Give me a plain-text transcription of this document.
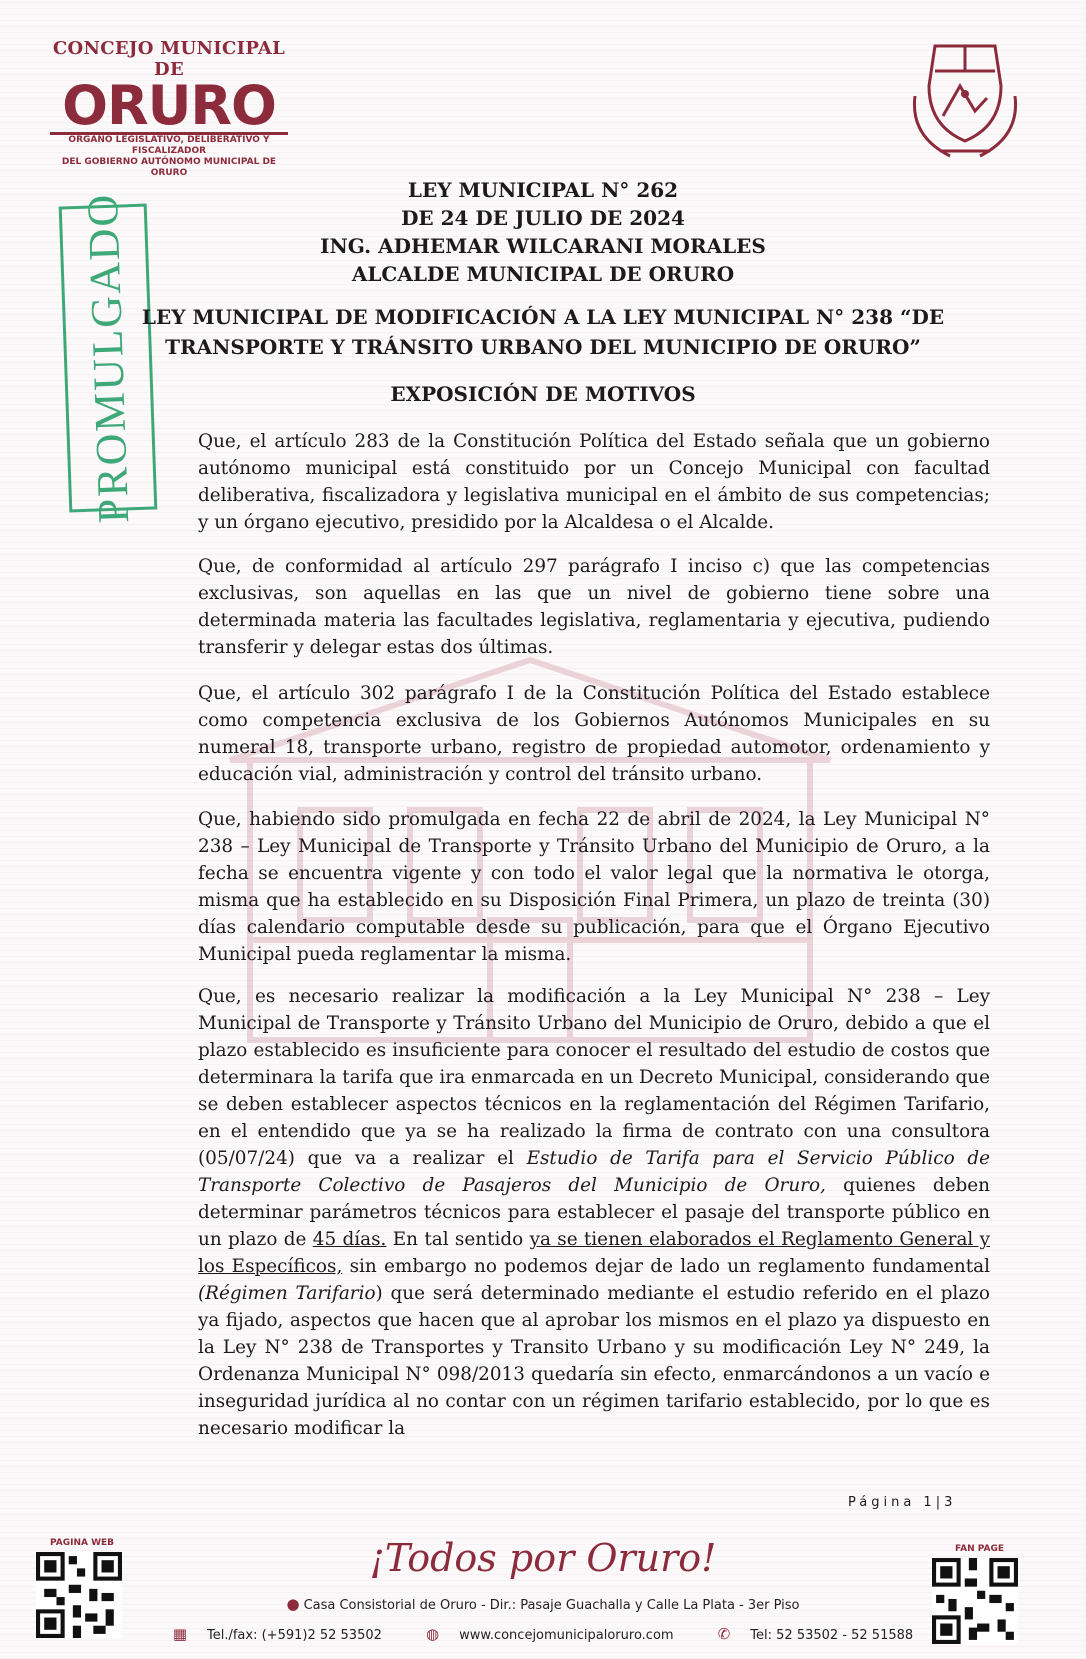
CONCEJO MUNICIPAL DE
ORURO
ÓRGANO LEGISLATIVO, DELIBERATIVO Y FISCALIZADOR
DEL GOBIERNO AUTÓNOMO MUNICIPAL DE ORURO
PROMULGADO
LEY MUNICIPAL N° 262
DE 24 DE JULIO DE 2024
ING. ADHEMAR WILCARANI MORALES
ALCALDE MUNICIPAL DE ORURO
LEY MUNICIPAL DE MODIFICACIÓN A LA LEY MUNICIPAL N° 238 “DE
TRANSPORTE Y TRÁNSITO URBANO DEL MUNICIPIO DE ORURO”
EXPOSICIÓN DE MOTIVOS

Que, el artículo 283 de la Constitución Política del Estado señala que un gobierno autónomo municipal está constituido por un Concejo Municipal con facultad deliberativa, fiscalizadora y legislativa municipal en el ámbito de sus competencias; y un órgano ejecutivo, presidido por la Alcaldesa o el Alcalde.

Que, de conformidad al artículo 297 parágrafo I inciso c) que las competencias exclusivas, son aquellas en las que un nivel de gobierno tiene sobre una determinada materia las facultades legislativa, reglamentaria y ejecutiva, pudiendo transferir y delegar estas dos últimas.

Que, el artículo 302 parágrafo I de la Constitución Política del Estado establece como competencia exclusiva de los Gobiernos Autónomos Municipales en su numeral 18, transporte urbano, registro de propiedad automotor, ordenamiento y educación vial, administración y control del tránsito urbano.

Que, habiendo sido promulgada en fecha 22 de abril de 2024, la Ley Municipal N° 238 – Ley Municipal de Transporte y Tránsito Urbano del Municipio de Oruro, a la fecha se encuentra vigente y con todo el valor legal que la normativa le otorga, misma que ha establecido en su Disposición Final Primera, un plazo de treinta (30) días calendario computable desde su publicación, para que el Órgano Ejecutivo Municipal pueda reglamentar la misma.

Que, es necesario realizar la modificación a la Ley Municipal N° 238 – Ley Municipal de Transporte y Tránsito Urbano del Municipio de Oruro, debido a que el plazo establecido es insuficiente para conocer el resultado del estudio de costos que determinara la tarifa que ira enmarcada en un Decreto Municipal, considerando que se deben establecer aspectos técnicos en la reglamentación del Régimen Tarifario, en el entendido que ya se ha realizado la firma de contrato con una consultora (05/07/24) que va a realizar el Estudio de Tarifa para el Servicio Público de Transporte Colectivo de Pasajeros del Municipio de Oruro, quienes deben determinar parámetros técnicos para establecer el pasaje del transporte público en un plazo de 45 días. En tal sentido ya se tienen elaborados el Reglamento General y los Específicos, sin embargo no podemos dejar de lado un reglamento fundamental (Régimen Tarifario) que será determinado mediante el estudio referido en el plazo ya fijado, aspectos que hacen que al aprobar los mismos en el plazo ya dispuesto en la Ley N° 238 de Transportes y Transito Urbano y su modificación Ley N° 249, la Ordenanza Municipal N° 098/2013 quedaría sin efecto, enmarcándonos a un vacío e inseguridad jurídica al no contar con un régimen tarifario establecido, por lo que es necesario modificar la

Página 1|3
PAGINA WEB
FAN PAGE
¡Todos por Oruro!
● Casa Consistorial de Oruro - Dir.: Pasaje Guachalla y Calle La Plata - 3er Piso
▦ Tel./fax: (+591)2 52 53502	◍ www.concejomunicipaloruro.com	✆ Tel: 52 53502 - 52 51588
